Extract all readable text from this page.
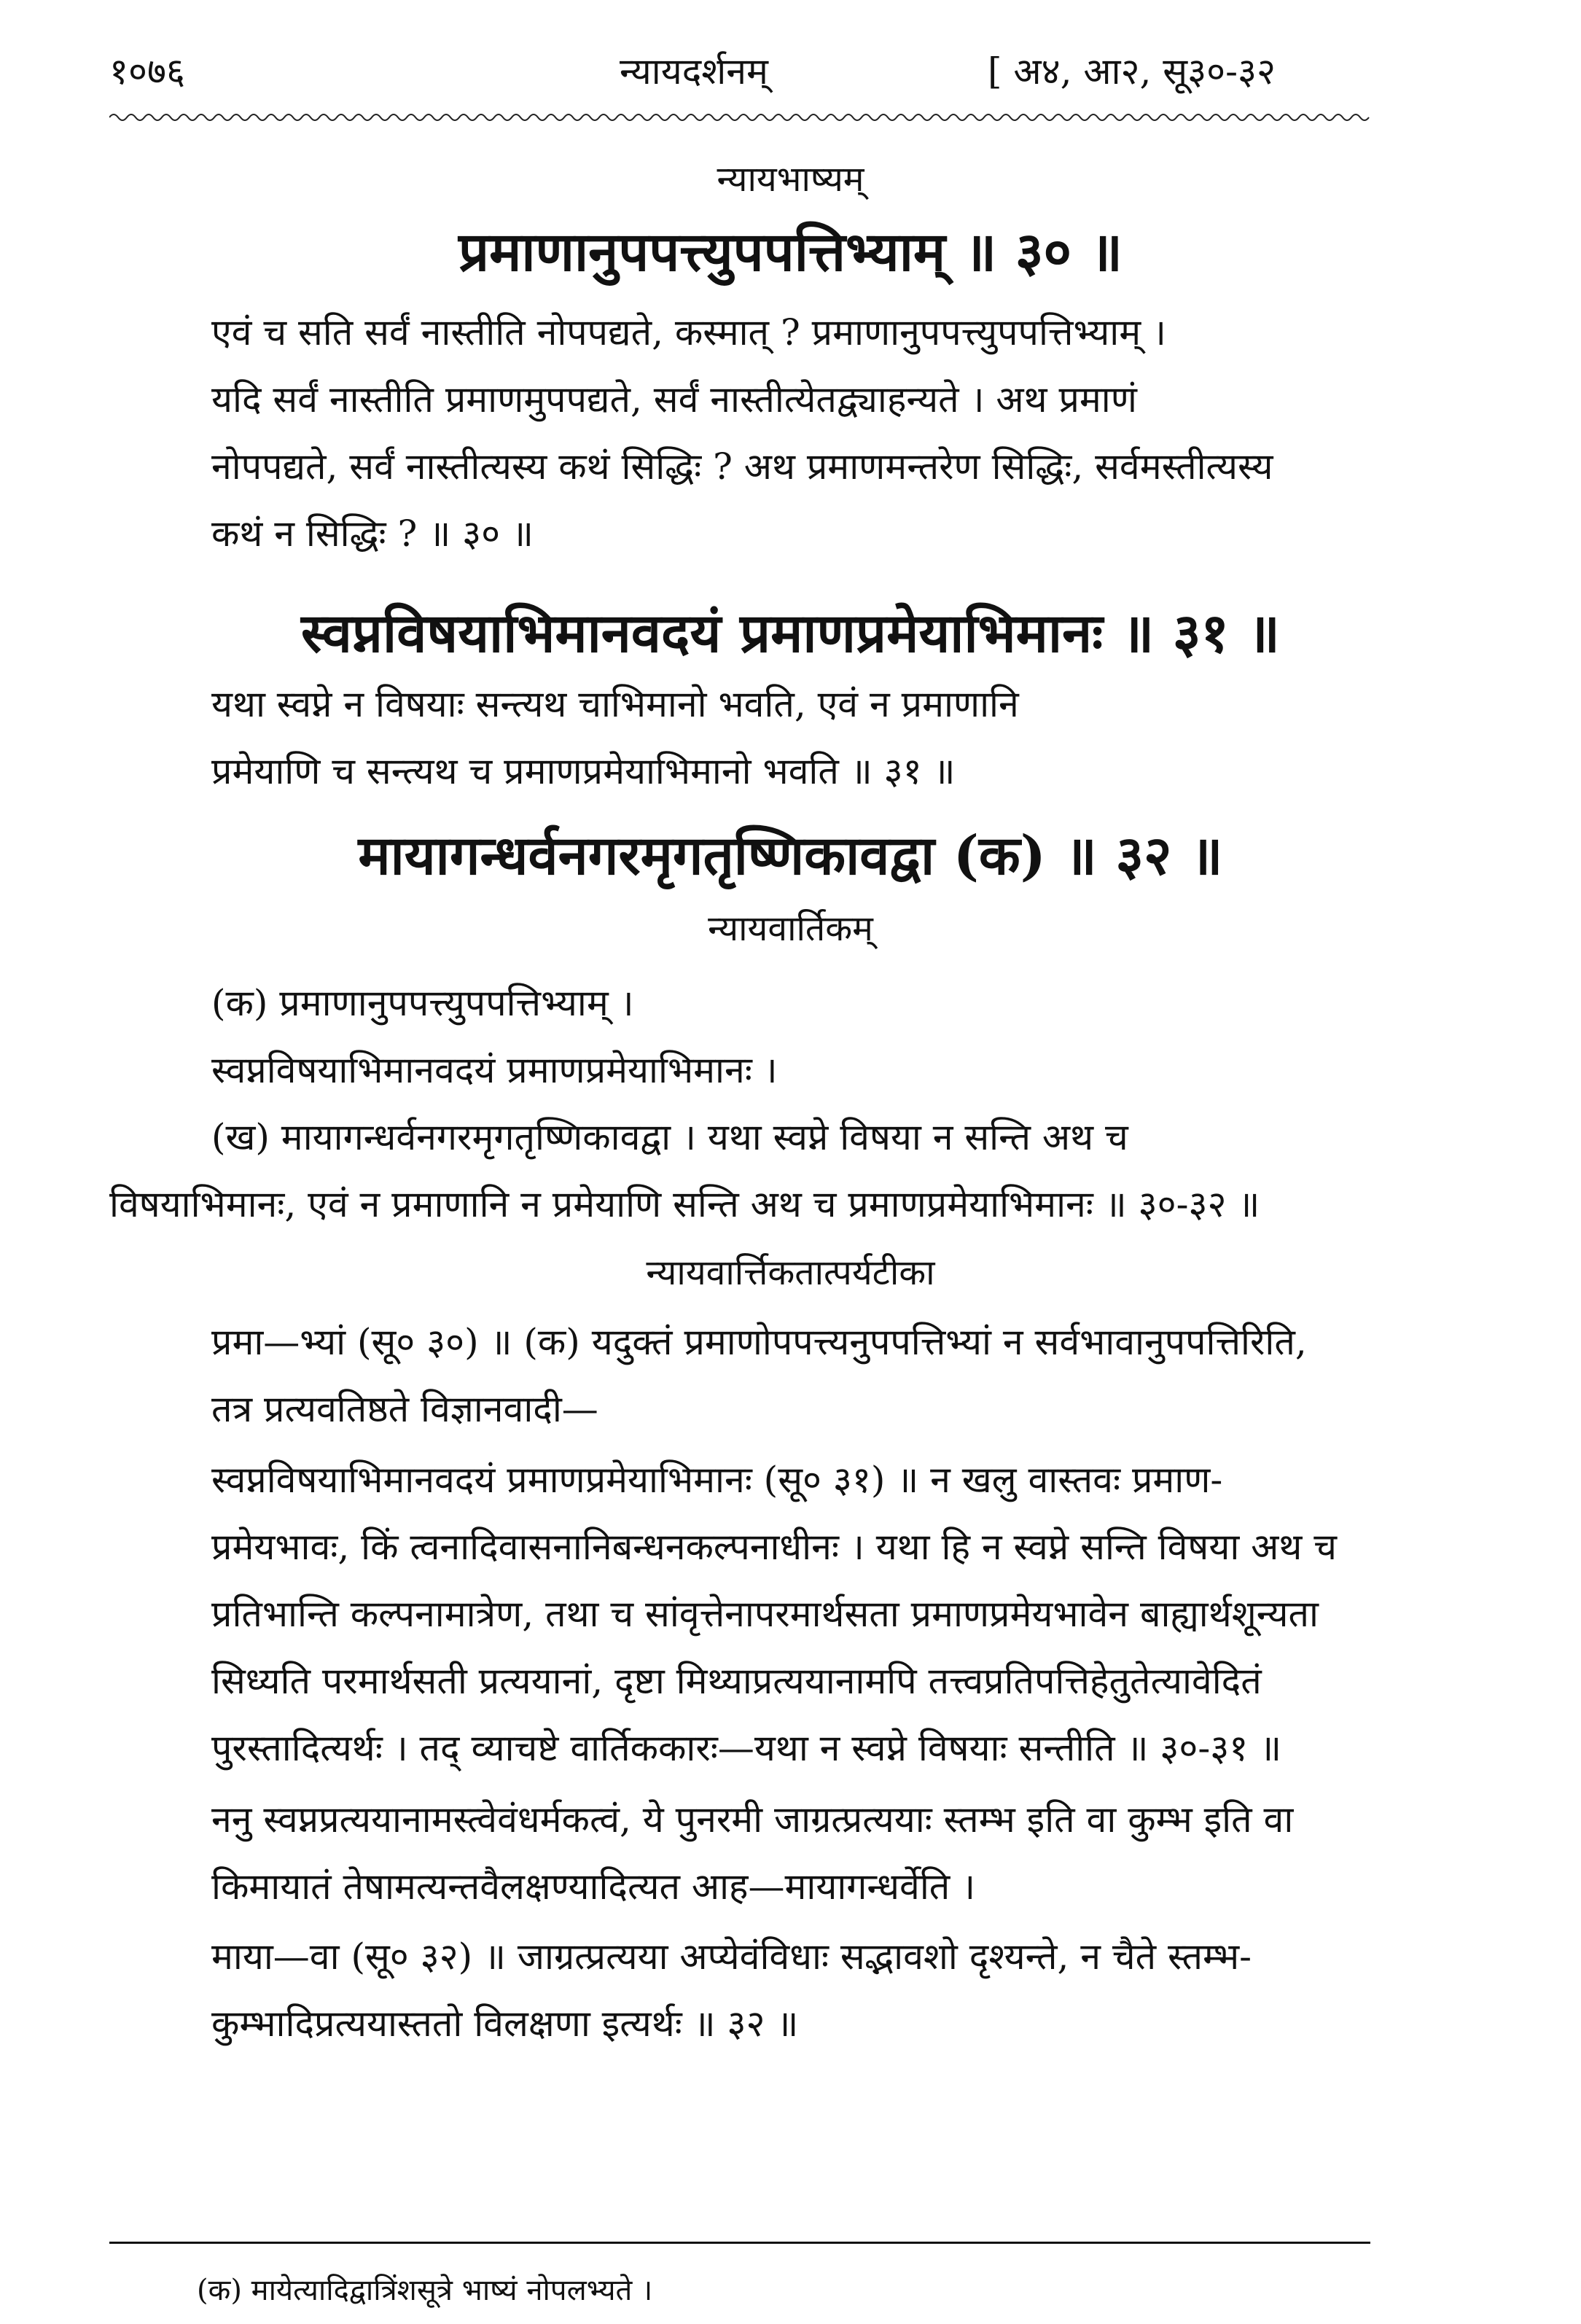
१०७६	न्यायदर्शनम्	[ अ४, आ२, सू३०-३२
न्यायभाष्यम्
प्रमाणानुपपत्त्युपपत्तिभ्याम् ॥ ३० ॥
एवं च सति सर्वं नास्तीति नोपपद्यते, कस्मात् ? प्रमाणानुपपत्त्युपपत्तिभ्याम् ।
यदि सर्वं नास्तीति प्रमाणमुपपद्यते, सर्वं नास्तीत्येतद्व्याहन्यते । अथ प्रमाणं
नोपपद्यते, सर्वं नास्तीत्यस्य कथं सिद्धिः ? अथ प्रमाणमन्तरेण सिद्धिः, सर्वमस्तीत्यस्य
कथं न सिद्धिः ? ॥ ३० ॥
स्वप्नविषयाभिमानवदयं प्रमाणप्रमेयाभिमानः ॥ ३१ ॥
यथा स्वप्ने न विषयाः सन्त्यथ चाभिमानो भवति, एवं न प्रमाणानि
प्रमेयाणि च सन्त्यथ च प्रमाणप्रमेयाभिमानो भवति ॥ ३१ ॥
मायागन्धर्वनगरमृगतृष्णिकावद्वा (क) ॥ ३२ ॥
न्यायवार्तिकम्
(क) प्रमाणानुपपत्त्युपपत्तिभ्याम् ।
स्वप्नविषयाभिमानवदयं प्रमाणप्रमेयाभिमानः ।
(ख) मायागन्धर्वनगरमृगतृष्णिकावद्वा । यथा स्वप्ने विषया न सन्ति अथ च
विषयाभिमानः, एवं न प्रमाणानि न प्रमेयाणि सन्ति अथ च प्रमाणप्रमेयाभिमानः ॥ ३०-३२ ॥
न्यायवार्त्तिकतात्पर्यटीका
प्रमा—भ्यां (सू० ३०) ॥ (क) यदुक्तं प्रमाणोपपत्त्यनुपपत्तिभ्यां न सर्वभावानुपपत्तिरिति,
तत्र प्रत्यवतिष्ठते विज्ञानवादी—
स्वप्नविषयाभिमानवदयं प्रमाणप्रमेयाभिमानः (सू० ३१) ॥ न खलु वास्तवः प्रमाण-
प्रमेयभावः, किं त्वनादिवासनानिबन्धनकल्पनाधीनः । यथा हि न स्वप्ने सन्ति विषया अथ च
प्रतिभान्ति कल्पनामात्रेण, तथा च सांवृत्तेनापरमार्थसता प्रमाणप्रमेयभावेन बाह्यार्थशून्यता
सिध्यति परमार्थसती प्रत्ययानां, दृष्टा मिथ्याप्रत्ययानामपि तत्त्वप्रतिपत्तिहेतुतेत्यावेदितं
पुरस्तादित्यर्थः । तद् व्याचष्टे वार्तिककारः—यथा न स्वप्ने विषयाः सन्तीति ॥ ३०-३१ ॥
ननु स्वप्नप्रत्ययानामस्त्वेवंधर्मकत्वं, ये पुनरमी जाग्रत्प्रत्ययाः स्तम्भ इति वा कुम्भ इति वा
किमायातं तेषामत्यन्तवैलक्षण्यादित्यत आह—मायागन्धर्वेति ।
माया—वा (सू० ३२) ॥ जाग्रत्प्रत्यया अप्येवंविधाः सद्भावशो दृश्यन्ते, न चैते स्तम्भ-
कुम्भादिप्रत्ययास्ततो विलक्षणा इत्यर्थः ॥ ३२ ॥
(क) मायेत्यादिद्वात्रिंशसूत्रे भाष्यं नोपलभ्यते ।
